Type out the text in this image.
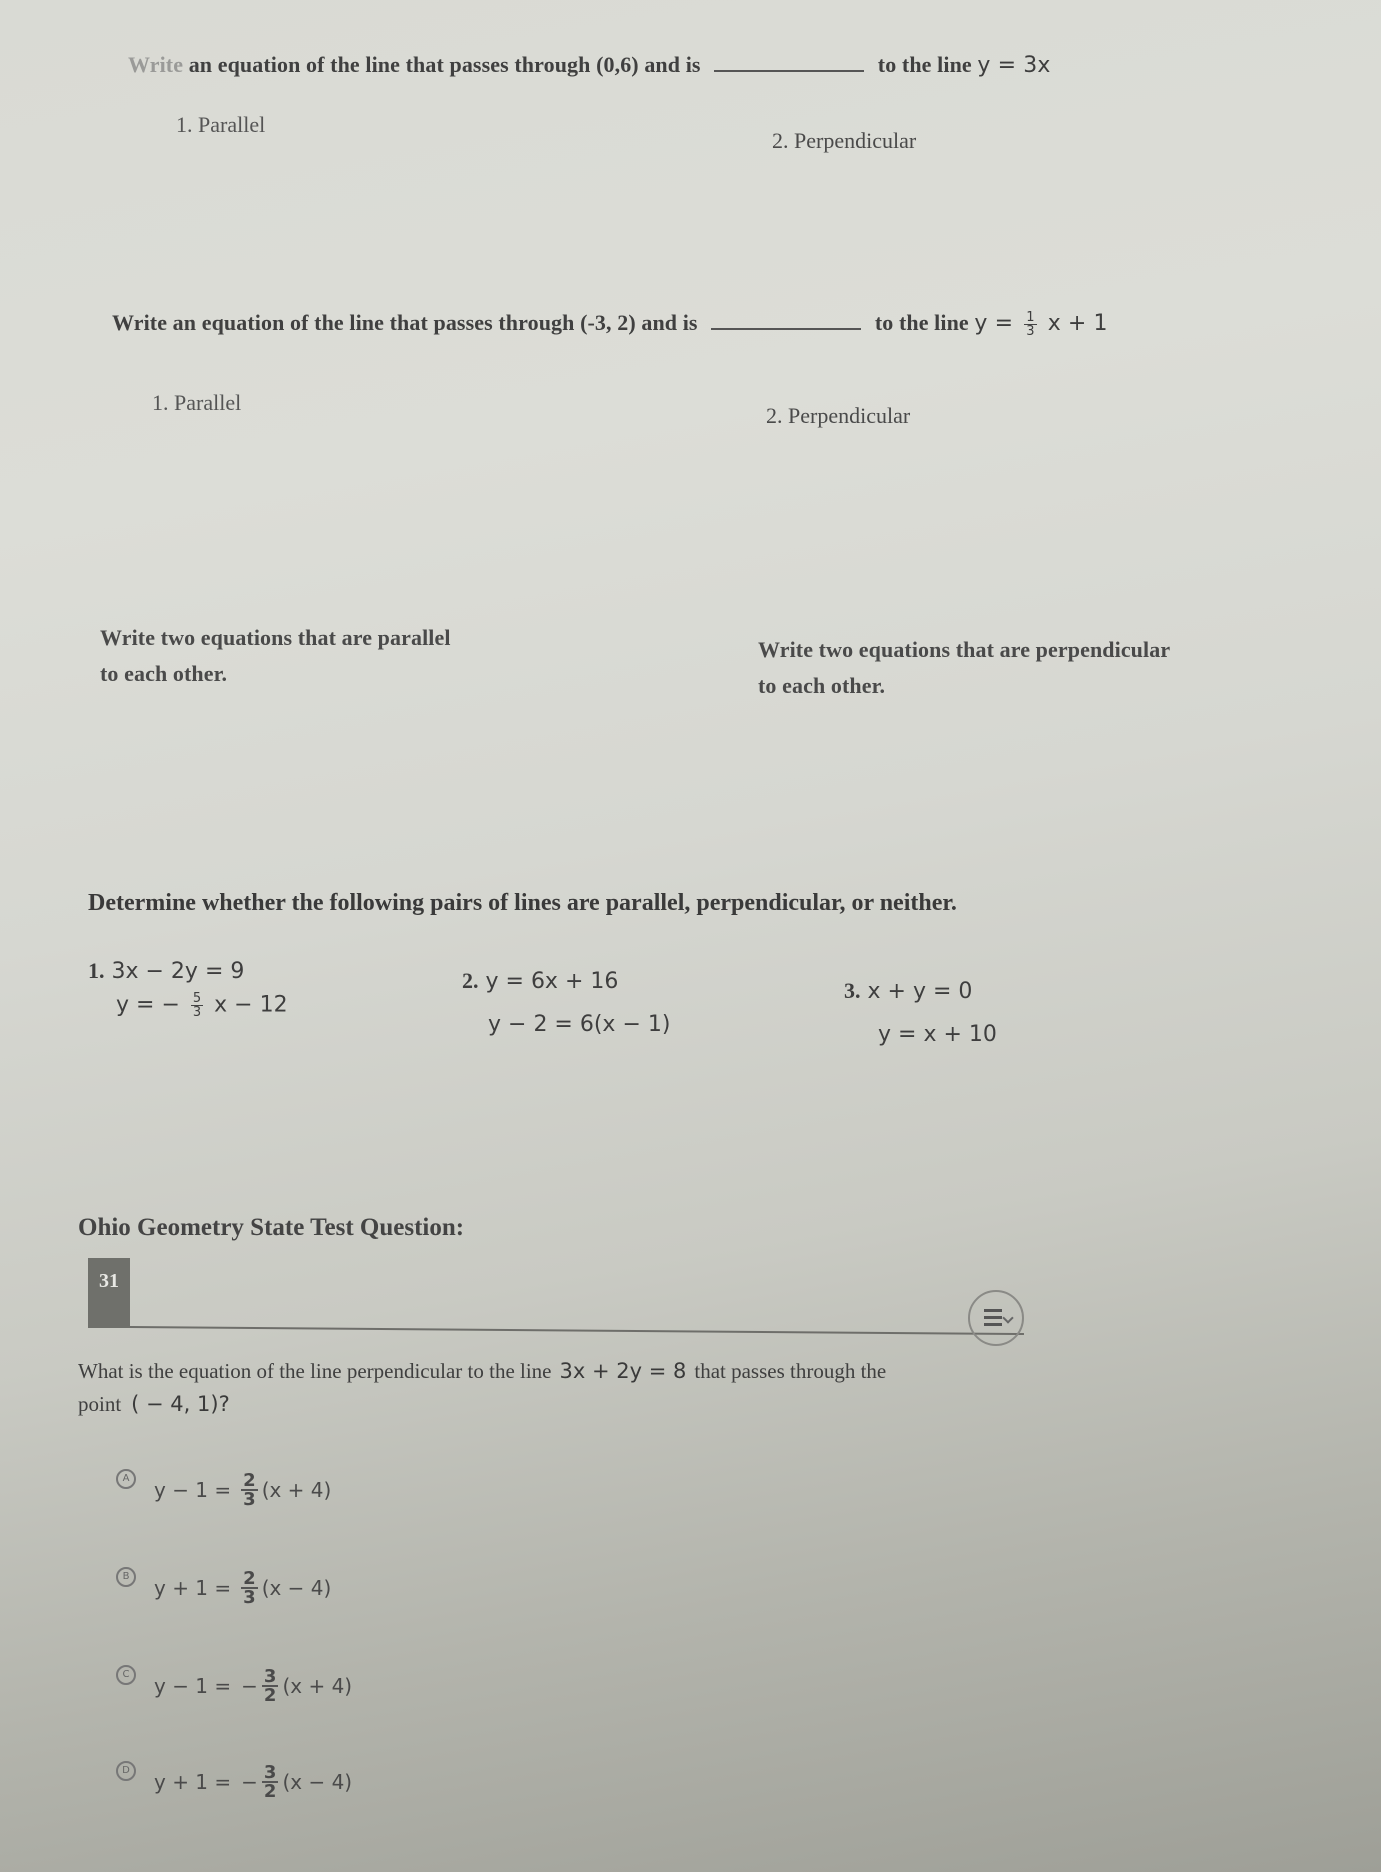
Write an equation of the line that passes through (0,6) and is	to the line y = 3x
1. Parallel
2. Perpendicular
Write an equation of the line that passes through (-3, 2) and is	to the line $y = \frac{1}{3}$ x + 1
1. Parallel
2. Perpendicular
Write two equations that are parallel
to each other.
Write two equations that are perpendicular
to each other.
Determine whether the following pairs of lines are parallel, perpendicular, or neither.
1. 3x − 2y = 9
y = − $\frac{5}{3}$ x − 12
2. y = 6x + 16
y − 2 = 6(x − 1)
3. x + y = 0
y = x + 10
Ohio Geometry State Test Question:
31
What is the equation of the line perpendicular to the line 3x + 2y = 8 that passes through the
point ( − 4, 1)?
A	$y - 1 = \frac{2}{3} (x + 4)$
B	$y + 1 = \frac{2}{3} (x - 4)$
C	y − 1 = − $\frac{3}{2} (x + 4)$
D	y + 1 = − $\frac{3}{2} (x - 4)$
